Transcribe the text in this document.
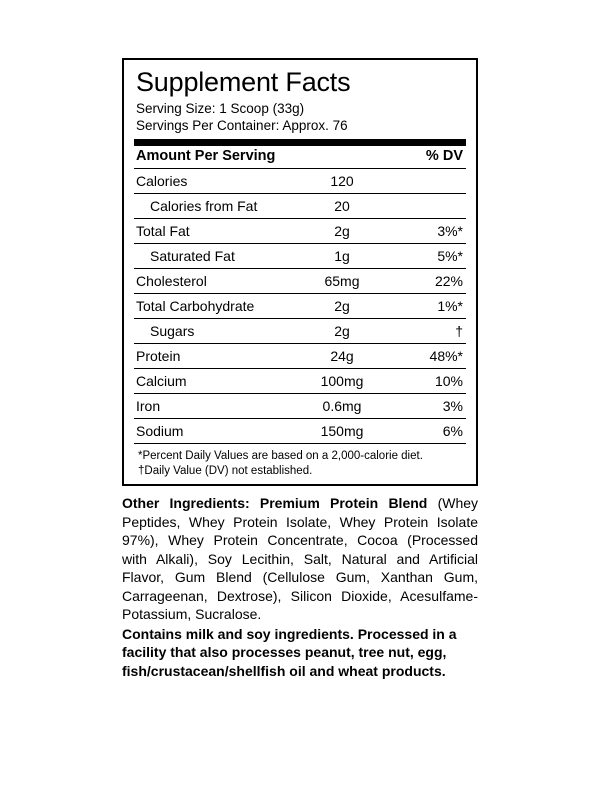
Supplement Facts
Serving Size: 1 Scoop (33g)
Servings Per Container: Approx. 76
Amount Per Serving		% DV
Calories	120	
Calories from Fat	20	
Total Fat	2g	3%*
Saturated Fat	1g	5%*
Cholesterol	65mg	22%
Total Carbohydrate	2g	1%*
Sugars	2g	†
Protein	24g	48%*
Calcium	100mg	10%
Iron	0.6mg	3%
Sodium	150mg	6%
*Percent Daily Values are based on a 2,000-calorie diet.
†Daily Value (DV) not established.
Other Ingredients: Premium Protein Blend (Whey Peptides, Whey Protein Isolate, Whey Protein Isolate 97%), Whey Protein Concentrate, Cocoa (Processed with Alkali), Soy Lecithin, Salt, Natural and Artificial Flavor, Gum Blend (Cellulose Gum, Xanthan Gum, Carrageenan, Dextrose), Silicon Dioxide, Acesulfame-Potassium, Sucralose.
Contains milk and soy ingredients. Processed in a facility that also processes peanut, tree nut, egg, fish/crustacean/shellfish oil and wheat products.
